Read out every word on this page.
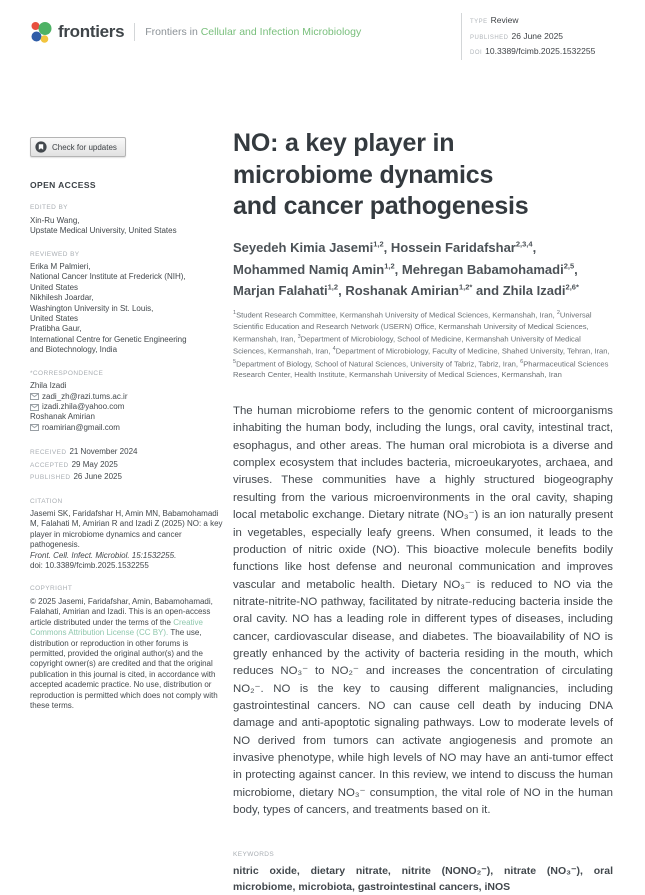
frontiers Frontiers in Cellular and Infection Microbiology
TYPE Review
PUBLISHED 26 June 2025
DOI 10.3389/fcimb.2025.1532255
Check for updates
OPEN ACCESS
EDITED BY
Xin-Ru Wang,
Upstate Medical University, United States
REVIEWED BY
Erika M Palmieri,
National Cancer Institute at Frederick (NIH),
United States
Nikhilesh Joardar,
Washington University in St. Louis,
United States
Pratibha Gaur,
International Centre for Genetic Engineering
and Biotechnology, India
*CORRESPONDENCE
Zhila Izadi
zadi_zh@razi.tums.ac.ir
izadi.zhila@yahoo.com
Roshanak Amirian
roamirian@gmail.com
RECEIVED 21 November 2024
ACCEPTED 29 May 2025
PUBLISHED 26 June 2025
CITATION
Jasemi SK, Faridafshar H, Amin MN, Babamohamadi M, Falahati M, Amirian R and Izadi Z (2025) NO: a key player in microbiome dynamics and cancer pathogenesis.
Front. Cell. Infect. Microbiol. 15:1532255.
doi: 10.3389/fcimb.2025.1532255
COPYRIGHT
© 2025 Jasemi, Faridafshar, Amin, Babamohamadi, Falahati, Amirian and Izadi. This is an open-access article distributed under the terms of the Creative Commons Attribution License (CC BY). The use, distribution or reproduction in other forums is permitted, provided the original author(s) and the copyright owner(s) are credited and that the original publication in this journal is cited, in accordance with accepted academic practice. No use, distribution or reproduction is permitted which does not comply with these terms.
NO: a key player in
microbiome dynamics
and cancer pathogenesis

Seyedeh Kimia Jasemi$^{1,2}$, Hossein Faridafshar$^{2,3,4}$,
Mohammed Namiq Amin$^{1,2}$, Mehregan Babamohamadi$^{2,5}$,
Marjan Falahati$^{1,2}$, Roshanak Amirian$^{1,2*}$ and Zhila Izadi$^{2,6*}$

$^1$Student Research Committee, Kermanshah University of Medical Sciences, Kermanshah, Iran, $^2$Universal Scientific Education and Research Network (USERN) Office, Kermanshah University of Medical Sciences, Kermanshah, Iran, $^3$Department of Microbiology, School of Medicine, Kermanshah University of Medical Sciences, Kermanshah, Iran, $^4$Department of Microbiology, Faculty of Medicine, Shahed University, Tehran, Iran, $^5$Department of Biology, School of Natural Sciences, University of Tabriz, Tabriz, Iran, $^6$Pharmaceutical Sciences Research Center, Health Institute, Kermanshah University of Medical Sciences, Kermanshah, Iran

The human microbiome refers to the genomic content of microorganisms inhabiting the human body, including the lungs, oral cavity, intestinal tract, esophagus, and other areas. The human oral microbiota is a diverse and complex ecosystem that includes bacteria, microeukaryotes, archaea, and viruses. These communities have a highly structured biogeography resulting from the various microenvironments in the oral cavity, shaping local metabolic exchange. Dietary nitrate (NO₃⁻) is an ion naturally present in vegetables, especially leafy greens. When consumed, it leads to the production of nitric oxide (NO). This bioactive molecule benefits bodily functions like host defense and neuronal communication and improves vascular and metabolic health. Dietary NO₃⁻ is reduced to NO via the nitrate-nitrite-NO pathway, facilitated by nitrate-reducing bacteria inside the oral cavity. NO has a leading role in different types of diseases, including cancer, cardiovascular disease, and diabetes. The bioavailability of NO is greatly enhanced by the activity of bacteria residing in the mouth, which reduces NO₃⁻ to NO₂⁻ and increases the concentration of circulating NO₂⁻. NO is the key to causing different malignancies, including gastrointestinal cancers. NO can cause cell death by inducing DNA damage and anti-apoptotic signaling pathways. Low to moderate levels of NO derived from tumors can activate angiogenesis and promote an invasive phenotype, while high levels of NO may have an anti-tumor effect in protecting against cancer. In this review, we intend to discuss the human microbiome, dietary NO₃⁻ consumption, the vital role of NO in the human body, types of cancers, and treatments based on it.

KEYWORDS
nitric oxide, dietary nitrate, nitrite (NONO₂⁻), nitrate (NO₃⁻), oral microbiome, microbiota, gastrointestinal cancers, iNOS
